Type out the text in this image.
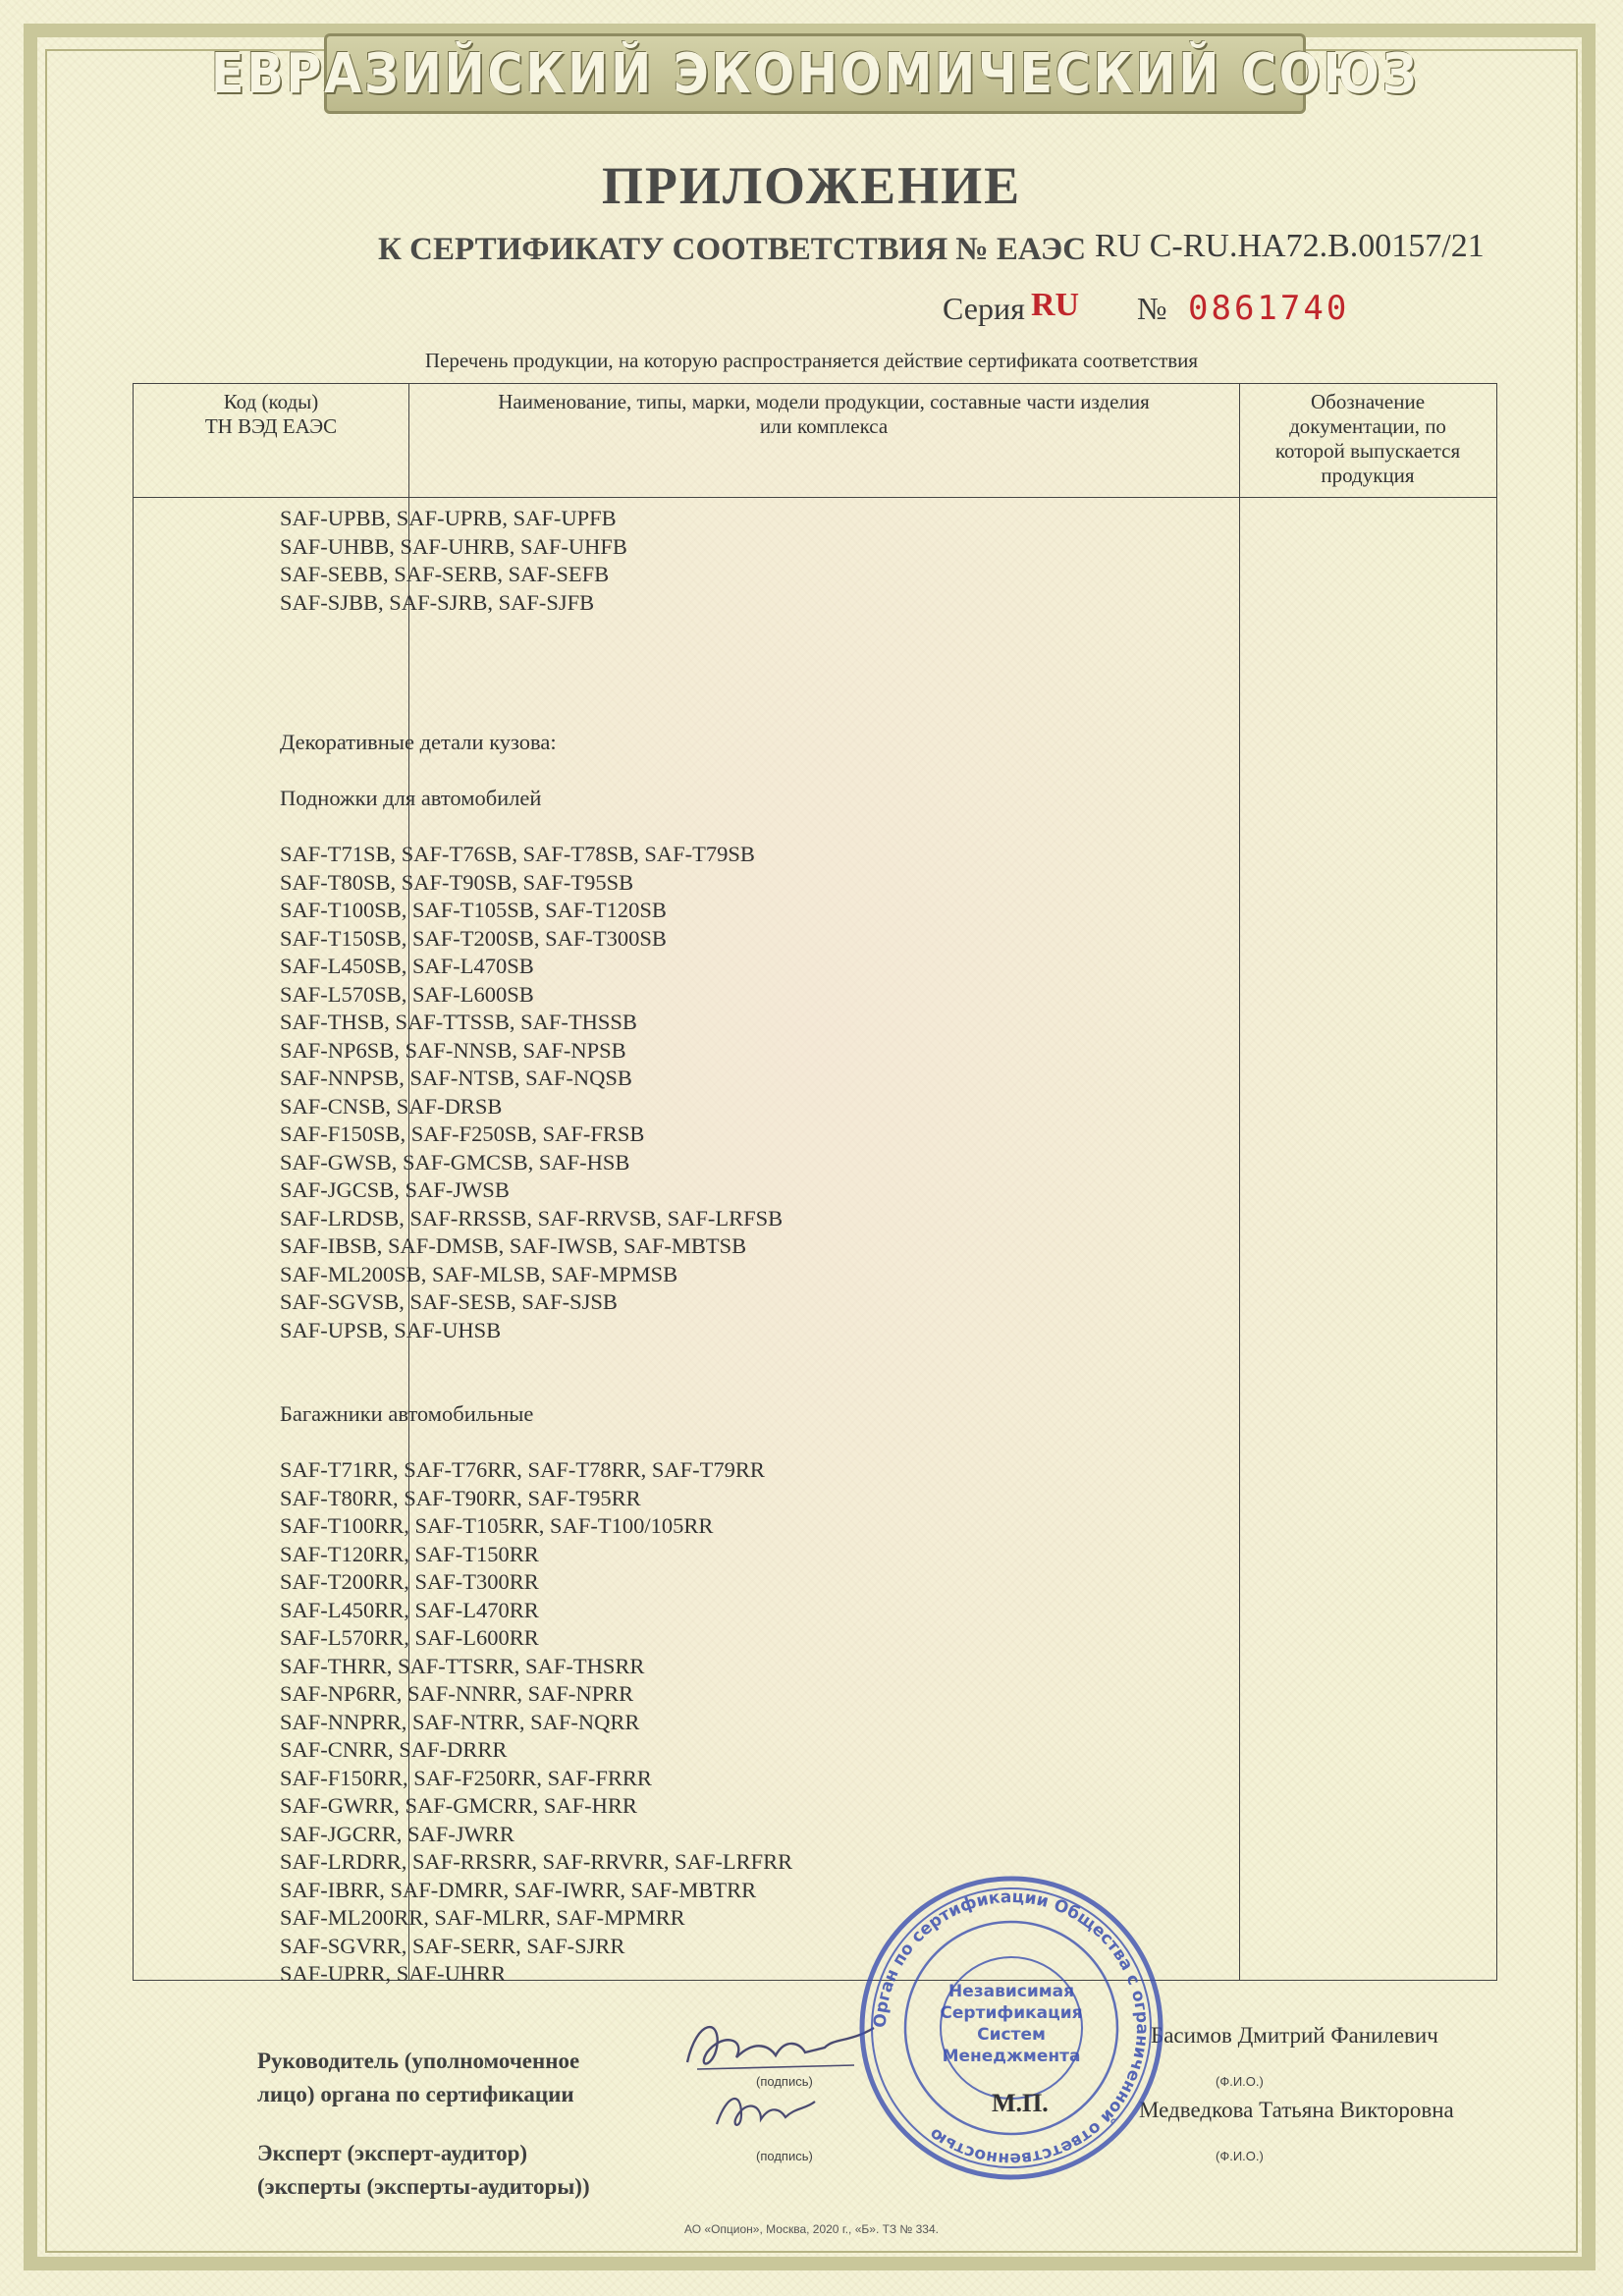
ЕВРАЗИЙСКИЙ ЭКОНОМИЧЕСКИЙ СОЮЗ
ПРИЛОЖЕНИЕ
К СЕРТИФИКАТУ СООТВЕТСТВИЯ № ЕАЭС RU C-RU.HA72.B.00157/21
Серия RU № 0861740
Перечень продукции, на которую распространяется действие сертификата соответствия
Код (коды)
ТН ВЭД ЕАЭС
Наименование, типы, марки, модели продукции, составные части изделия
или комплекса
Обозначение
документации, по
которой выпускается
продукция
SAF-UPBB, SAF-UPRB, SAF-UPFB
SAF-UHBB, SAF-UHRB, SAF-UHFB
SAF-SEBB, SAF-SERB, SAF-SEFB
SAF-SJBB, SAF-SJRB, SAF-SJFB
Декоративные детали кузова:
Подножки для автомобилей
SAF-T71SB, SAF-T76SB, SAF-T78SB, SAF-T79SB
SAF-T80SB, SAF-T90SB, SAF-T95SB
SAF-T100SB, SAF-T105SB, SAF-T120SB
SAF-T150SB, SAF-T200SB, SAF-T300SB
SAF-L450SB, SAF-L470SB
SAF-L570SB, SAF-L600SB
SAF-THSB, SAF-TTSSB, SAF-THSSB
SAF-NP6SB, SAF-NNSB, SAF-NPSB
SAF-NNPSB, SAF-NTSB, SAF-NQSB
SAF-CNSB, SAF-DRSB
SAF-F150SB, SAF-F250SB, SAF-FRSB
SAF-GWSB, SAF-GMCSB, SAF-HSB
SAF-JGCSB, SAF-JWSB
SAF-LRDSB, SAF-RRSSB, SAF-RRVSB, SAF-LRFSB
SAF-IBSB, SAF-DMSB, SAF-IWSB, SAF-MBTSB
SAF-ML200SB, SAF-MLSB, SAF-MPMSB
SAF-SGVSB, SAF-SESB, SAF-SJSB
SAF-UPSB, SAF-UHSB
Багажники автомобильные
SAF-T71RR, SAF-T76RR, SAF-T78RR, SAF-T79RR
SAF-T80RR, SAF-T90RR, SAF-T95RR
SAF-T100RR, SAF-T105RR, SAF-T100/105RR
SAF-T120RR, SAF-T150RR
SAF-T200RR, SAF-T300RR
SAF-L450RR, SAF-L470RR
SAF-L570RR, SAF-L600RR
SAF-THRR, SAF-TTSRR, SAF-THSRR
SAF-NP6RR, SAF-NNRR, SAF-NPRR
SAF-NNPRR, SAF-NTRR, SAF-NQRR
SAF-CNRR, SAF-DRRR
SAF-F150RR, SAF-F250RR, SAF-FRRR
SAF-GWRR, SAF-GMCRR, SAF-HRR
SAF-JGCRR, SAF-JWRR
SAF-LRDRR, SAF-RRSRR, SAF-RRVRR, SAF-LRFRR
SAF-IBRR, SAF-DMRR, SAF-IWRR, SAF-MBTRR
SAF-ML200RR, SAF-MLRR, SAF-MPMRR
SAF-SGVRR, SAF-SERR, SAF-SJRR
SAF-UPRR, SAF-UHRR
Руководитель (уполномоченное
лицо) органа по сертификации
Эксперт (эксперт-аудитор)
(эксперты (эксперты-аудиторы))
(подпись)
(подпись)
(Ф.И.О.)
(Ф.И.О.)
Басимов Дмитрий Фанилевич
Медведкова Татьяна Викторовна
Орган по сертификации Общества с ограниченной ответственностью
Независимая
Сертификация
Систем
Менеджмента
М.П.
АО «Опцион», Москва, 2020 г., «Б». ТЗ № 334.
